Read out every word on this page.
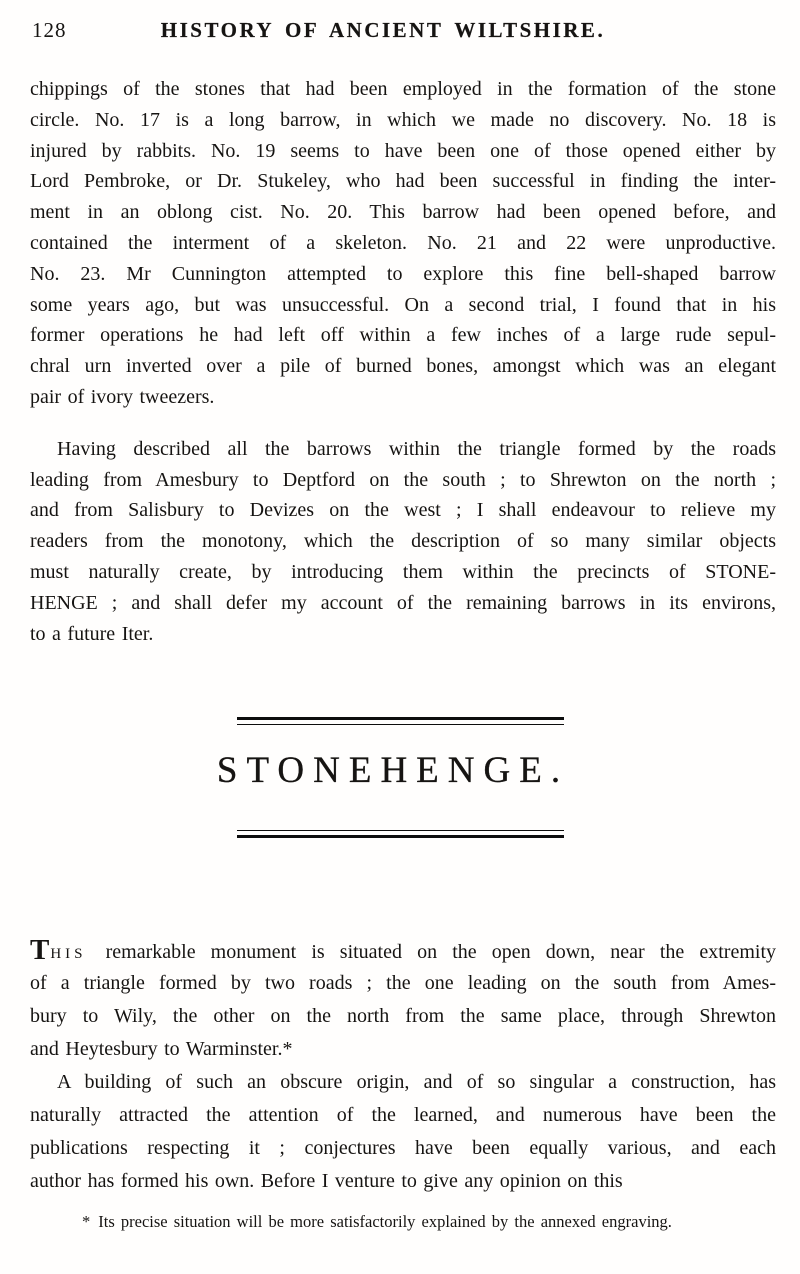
128	HISTORY OF ANCIENT WILTSHIRE.
chippings of the stones that had been employed in the formation of the stone
circle. No. 17 is a long barrow, in which we made no discovery. No. 18 is
injured by rabbits. No. 19 seems to have been one of those opened either by
Lord Pembroke, or Dr. Stukeley, who had been successful in finding the inter-
ment in an oblong cist. No. 20. This barrow had been opened before, and
contained the interment of a skeleton. No. 21 and 22 were unproductive.
No. 23. Mr Cunnington attempted to explore this fine bell-shaped barrow
some years ago, but was unsuccessful. On a second trial, I found that in his
former operations he had left off within a few inches of a large rude sepul-
chral urn inverted over a pile of burned bones, amongst which was an elegant
pair of ivory tweezers.
Having described all the barrows within the triangle formed by the roads
leading from Amesbury to Deptford on the south ; to Shrewton on the north ;
and from Salisbury to Devizes on the west ; I shall endeavour to relieve my
readers from the monotony, which the description of so many similar objects
must naturally create, by introducing them within the precincts of STONE-
HENGE ; and shall defer my account of the remaining barrows in its environs,
to a future Iter.
STONEHENGE.
THIS remarkable monument is situated on the open down, near the extremity
of a triangle formed by two roads ; the one leading on the south from Ames-
bury to Wily, the other on the north from the same place, through Shrewton
and Heytesbury to Warminster.*
A building of such an obscure origin, and of so singular a construction, has
naturally attracted the attention of the learned, and numerous have been the
publications respecting it ; conjectures have been equally various, and each
author has formed his own. Before I venture to give any opinion on this
* Its precise situation will be more satisfactorily explained by the annexed engraving.
